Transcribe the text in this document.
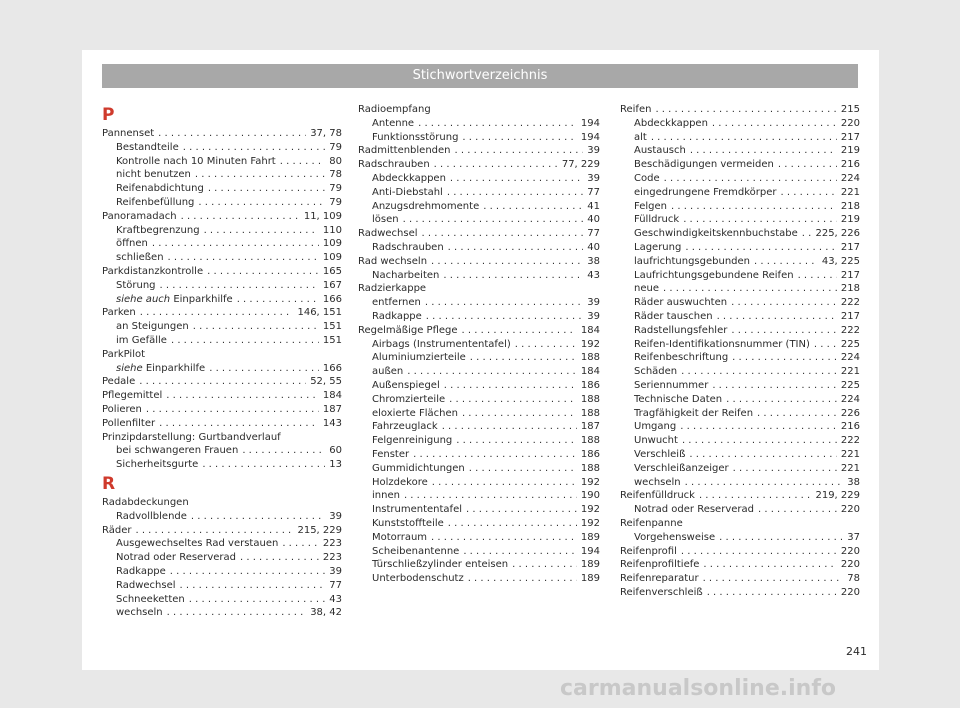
Stichwortverzeichnis
P
Pannenset . . .	37, 78
Bestandteile . . .	79
Kontrolle nach 10 Minuten Fahrt . . .	80
nicht benutzen . . .	78
Reifenabdichtung . . .	79
Reifenbefüllung . . .	79
Panoramadach . . .	11, 109
Kraftbegrenzung . . .	110
öffnen . . .	109
schließen . . .	109
Parkdistanzkontrolle . . .	165
Störung . . .	167
siehe auch Einparkhilfe . . .	166
Parken . . .	146, 151
an Steigungen . . .	151
im Gefälle . . .	151
ParkPilot
siehe Einparkhilfe . . .	166
Pedale . . .	52, 55
Pflegemittel . . .	184
Polieren . . .	187
Pollenfilter . . .	143
Prinzipdarstellung: Gurtbandverlauf
bei schwangeren Frauen . . .	60
Sicherheitsgurte . . .	13
R
Radabdeckungen
Radvollblende . . .	39
Räder . . .	215, 229
Ausgewechseltes Rad verstauen . . .	223
Notrad oder Reserverad . . .	223
Radkappe . . .	39
Radwechsel . . .	77
Schneeketten . . .	43
wechseln . . .	38, 42
Radioempfang
Antenne . . .	194
Funktionsstörung . . .	194
Radmittenblenden . . .	39
Radschrauben . . .	77, 229
Abdeckkappen . . .	39
Anti-Diebstahl . . .	77
Anzugsdrehmomente . . .	41
lösen . . .	40
Radwechsel . . .	77
Radschrauben . . .	40
Rad wechseln . . .	38
Nacharbeiten . . .	43
Radzierkappe
entfernen . . .	39
Radkappe . . .	39
Regelmäßige Pflege . . .	184
Airbags (Instrumententafel) . . .	192
Aluminiumzierteile . . .	188
außen . . .	184
Außenspiegel . . .	186
Chromzierteile . . .	188
eloxierte Flächen . . .	188
Fahrzeuglack . . .	187
Felgenreinigung . . .	188
Fenster . . .	186
Gummidichtungen . . .	188
Holzdekore . . .	192
innen . . .	190
Instrumententafel . . .	192
Kunststoffteile . . .	192
Motorraum . . .	189
Scheibenantenne . . .	194
Türschließzylinder enteisen . . .	189
Unterbodenschutz . . .	189
Reifen . . .	215
Abdeckkappen . . .	220
alt . . .	217
Austausch . . .	219
Beschädigungen vermeiden . . .	216
Code . . .	224
eingedrungene Fremdkörper . . .	221
Felgen . . .	218
Fülldruck . . .	219
Geschwindigkeitskennbuchstabe . . . 225, 226
Lagerung . . .	217
laufrichtungsgebunden . . .	43, 225
Laufrichtungsgebundene Reifen . . .	217
neue . . .	218
Räder auswuchten . . .	222
Räder tauschen . . .	217
Radstellungsfehler . . .	222
Reifen-Identifikationsnummer (TIN) . . .	225
Reifenbeschriftung . . .	224
Schäden . . .	221
Seriennummer . . .	225
Technische Daten . . .	224
Tragfähigkeit der Reifen . . .	226
Umgang . . .	216
Unwucht . . .	222
Verschleiß . . .	221
Verschleißanzeiger . . .	221
wechseln . . .	38
Reifenfülldruck . . .	219, 229
Notrad oder Reserverad . . .	220
Reifenpanne
Vorgehensweise . . .	37
Reifenprofil . . .	220
Reifenprofiltiefe . . .	220
Reifenreparatur . . .	78
Reifenverschleiß . . .	220
241
carmanualsonline.info
